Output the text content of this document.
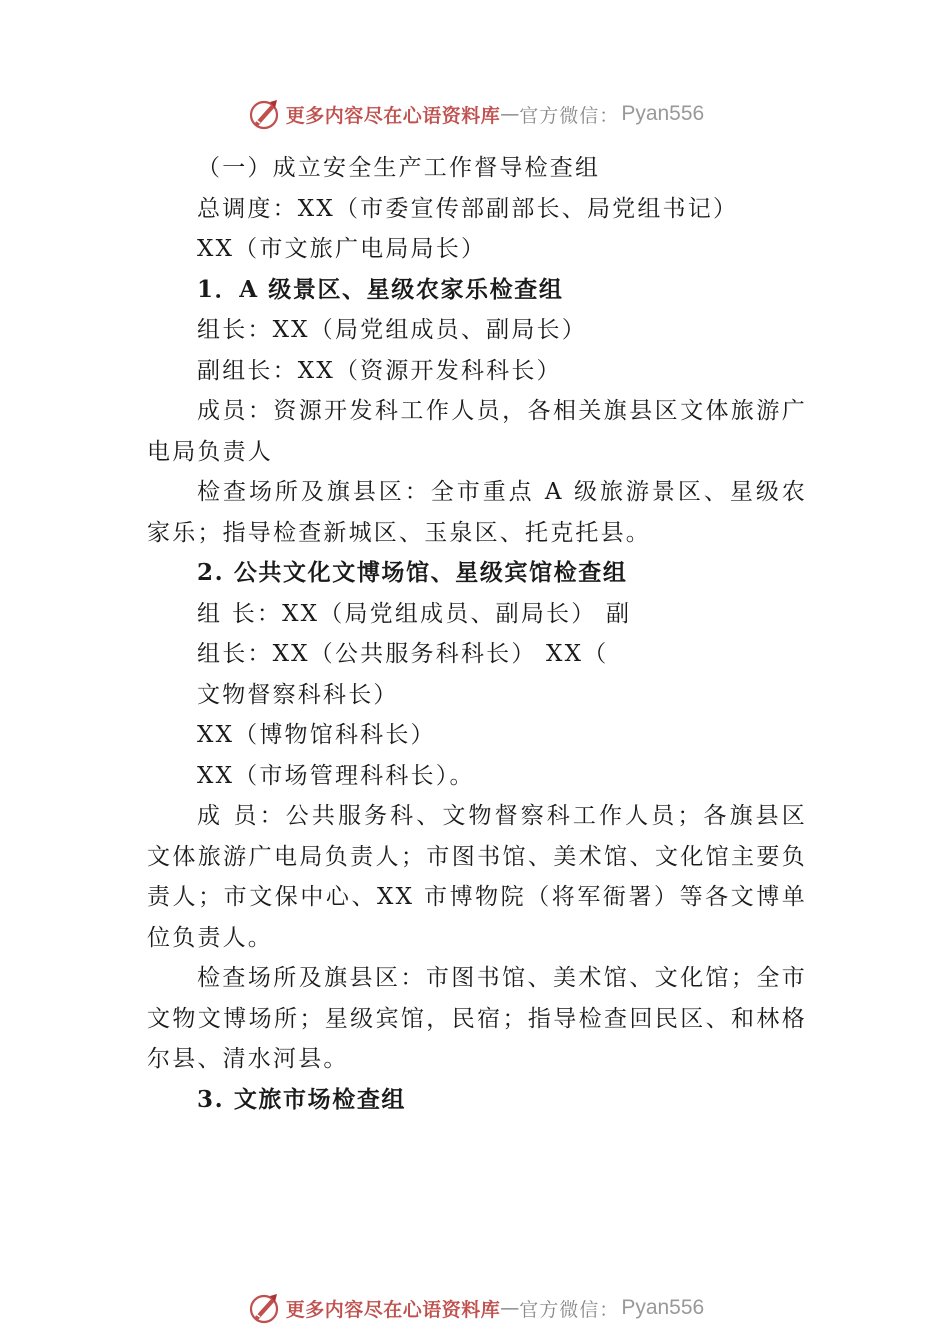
更多内容尽在心语资料库 — 官方微信： Pyan556

（一）成立安全生产工作督导检查组

总调度：XX（市委宣传部副部长、局党组书记）

XX（市文旅广电局局长）

1．A 级景区、星级农家乐检查组

组长：XX（局党组成员、副局长）

副组长：XX（资源开发科科长）

成员：资源开发科工作人员，各相关旗县区文体旅游广电局负责人

检查场所及旗县区：全市重点 A 级旅游景区、星级农家乐；指导检查新城区、玉泉区、托克托县。

2. 公共文化文博场馆、星级宾馆检查组

组 长：XX（局党组成员、副局长） 副

组长：XX（公共服务科科长） XX（

文物督察科科长）

XX（博物馆科科长）

XX（市场管理科科长）。

成 员：公共服务科、文物督察科工作人员；各旗县区文体旅游广电局负责人；市图书馆、美术馆、文化馆主要负责人；市文保中心、XX 市博物院（将军衙署）等各文博单位负责人。

检查场所及旗县区：市图书馆、美术馆、文化馆；全市文物文博场所；星级宾馆，民宿；指导检查回民区、和林格尔县、清水河县。

3. 文旅市场检查组

更多内容尽在心语资料库 — 官方微信： Pyan556
